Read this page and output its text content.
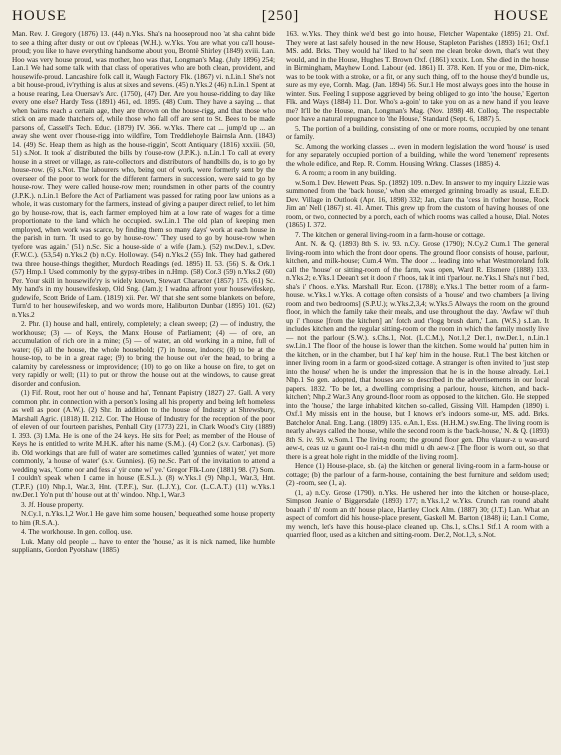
[250]
HOUSE	HOUSE

Man. Rev. J. Gregory (1876) 13. (44) n.Yks. Sha's na hooseproud noo 'at sha cahnt bide to see a thing after dusty or out ov t'pleeas (W.H.). w.Yks. You are what you ca'll house-proud; you like to have everything handsome about you, Brontë Shirley (1849) xviii. Lan. Hoo was very house proud, was mother, hoo was that, Longman's Mag. (July 1896) 254; Lan.1 We had some talk with that class of operatives who are both clean, provident, and housewife-proud. Lancashire folk call it, Waugh Factory Flk. (1867) vi. n.Lin.1 She's not a bit house-proud, iv'rything is alus at sixes and sevens. (45) n.Yks.2 (46) n.Lin.1 Spent at a house rearing, Lea Ouersav's Arc. (1750), (47) Der. Are you house-ridding to day like every one else? Hardy Tess (1891) 461, ed. 1895. (48) Cum. They have a saying ... that when bairns reach a certain age, they are thrown on the house-rigg, and that those who stick on are made thatchers of, while those who fall off are sent to St. Bees to be made parsons of, Cassell's Tech. Educ. (1879) IV. 366. w.Yks. There cat ... jump'd up ... an away she went over t'house-rigg into wildfire, Tom Treddlehoyle Bairnsla Ann. (1843) 14. (49) Sc. Heap them as high as the house-riggin', Scott Antiquary (1816) xxxiii. (50, 51) s.Not. It took a' distributed the bills by t'ouse-row (J.P.K.). n.Lin.1 To call at every house in a street or village, as rate-collectors and distributors of handbills do, is to go by house-row. (6) s.Not. The labourers who, being out of work, were formerly sent by the overseer of the poor to work for the different farmers in succession, were said to go by house-row. They were called house-row men; roundsmen in other parts of the country (J.P.K.). n.Lin.1 Before the Act of Parliament was passed for rating poor law unions as a whole, it was customary for the farmers, instead of giving a pauper direct relief, to let him go by house-row, that is, each farmer employed him at a low rate of wages for a time proportionate to the land which he occupied. sw.Lin.1 The old plan of keeping men employed, when work was scarce, by finding them so many days' work at each house in the parish in turn. 'It used to go by house-row.' 'They used to go by house-row when tyefore was again.' (51) n.Sc. Sic a house-side o' a wife (Jam.). (52) nw.Dev.1, s.Dev. (F.W.C.). (53,54) n.Yks.2 (b) n.Cy. Holloway. (54) n.Yks.2 (55) Ink. They had gathered twa three house-things thegither, Murdoch Readings (ed. 1895) II. 53. (56) S. & Ork.1 (57) Hmp.1 Used commonly by the gypsy-tribes in n.Hmp. (58) Cor.3 (59) n.Yks.2 (60) Per. Your skill in housewife'ry is widely known, Stewart Character (1857) 175. (61) Sc. My hand's in my housewifeskep, Old Sng. (Jam.); I wadna affront your housewifeskep, gudewife, Scott Bride of Lam. (1819) xii. Per. Wi' that she sent some blankets on before, Turn'd to her housewifeskep, and wo words more, Haliburton Dunbar (1895) 101. (62) n.Yks.2

2. Phr. (1) house and hall, entirely, completely; a clean sweep; (2) — of industry, the workhouse; (3) — of Keys, the Manx House of Parliament; (4) — of ore, an accumulation of rich ore in a mine; (5) — of water, an old working in a mine, full of water; (6) all the house, the whole household; (7) in house, indoors; (8) to be at the house-top, to be in a great rage; (9) to bring the house out o'er the head, to bring a calamity by carelessness or improvidence; (10) to go on like a house on fire, to get on very rapidly or well; (11) to put or throw the house out at the windows, to cause great disorder and confusion.

(1) Fif. Rout, root her out o' house and ha', Tennant Papistry (1827) 27. Gall. A very common phr. in connection with a person's losing all his property and being left homeless as well as poor (A.W.). (2) Shr. In addition to the house of Industry at Shrewsbury, Marshall Agric. (1818) II. 212. Cor. The House of Industry for the reception of the poor of eleven of our fourteen parishes, Penhall City (1773) 221, in Clark Wood's City (1889) I. 393. (3) I.Ma. He is one of the 24 keys. He sits for Peel; as member of the House of Keys he is entitled to write M.H.K. after his name (S.M.). (4) Cor.2 (s.v. Carbonas). (5) ib. Old workings that are full of water are sometimes called 'gunnies of water,' yet more commonly, 'a house of water' (s.v. Gunnies). (6) ne.Sc. Part of the invitation to attend a wedding was, 'Come oor and fess a' yir cone wi' ye.' Gregor Flk-Lore (1881) 98. (7) Som. I couldn't speak when I came in house (E.S.L.). (8) w.Yks.1 (9) Nhp.1, War.3, Hnt. (T.P.F.) (10) Nhp.1, War.3, Hnt. (T.P.F.), Sur. (L.J.Y.), Cor. (L.C.A.T.) (11) w.Yks.1 nw.Der.1 Yo'n put th' house out at th' windoo. Nhp.1, War.3

3. Jf. House property.

N.Cy.1, n.Yks.1,2 Wor.1 He gave him some housen,' bequeathed some house property to him (R.S.A.).

4. The workhouse. In gen. colloq. use.

Luk. Many old people ... have to enter the 'house,' as it is nick named, like humble suppliants, Gordon Pyotshaw (1885)

163. w.Yks. They think we'd best go into house, Fletcher Wapentake (1895) 21. Oxf. They were at last safely housed in the new House, Stapleton Parishes (1893) 161; Oxf.1 MS. add. Brks. They would ha' liked to ha' seen me clean broke down, that's wut they would, and in the House, Hughes T. Brown Oxf. (1861) xxxix. Lon. She died in the house in Birmingham, Mayhew Lond. Labour (ed. 1861) II. 378. Ken. If you or me, Dim-nick, was to be took with a stroke, or a fit, or any such thing, off to the house they'd bundle us, sure as my eye, Cornh. Mag. (Jan. 1894) 56. Sur.1 He most always goes into the house in winter. Sus. Feeling I suppose aggrieved by being obliged to go into 'the house,' Egerton Flk. and Ways (1884) 11. Dor. Who's a-goin' to take you on as a new hand if you leave me? It'll be the House, man, Longman's Mag. (Nov. 1898) 48. Colloq. The respectable poor have a natural repugnance to 'the House,' Standard (Sept. 6, 1887) 5.

5. The portion of a building, consisting of one or more rooms, occupied by one tenant or family.

Sc. Among the working classes ... even in modern legislation the word 'house' is used for any separately occupied portion of a building, while the word 'tenement' represents the whole edifice, and Rep. R. Comm. Housing Wrkng. Classes (1885) 4.

6. A room; a room in any building.

w.Som.1 Dev. Hewett Peas. Sp. (1892) 109. n.Dev. In answer to my inquiry Lizzie was summoned from the 'back house,' when she emerged grinning broadly as usual, E.E.D. Dev. Village in Outlook (Apr. 16, 1898) 332; Jan, clare tha 'cess in t'other house, Rock Jim an' Nell (1867) st. 41. Amer. This grew up from the custom of having houses of one room, or two, connected by a porch, each of which rooms was called a house, Dial. Notes (1865) I. 372.

7. The kitchen or general living-room in a farm-house or cottage.

Ant. N. & Q. (1893) 8th S. iv. 93. n.Cy. Grose (1790); N.Cy.2 Cum.1 The general living-room into which the front door opens. The ground floor consists of house, parlour, kitchen, and milk-house; Cum.4 Wm. The door ... leading into what Westmoreland folk call the 'house' or sitting-room of the farm, was open, Ward R. Elsmere (1888) 133. n.Yks.2; e.Yks.1 Deean't set it doon i' t'hoos, tak it inti t'parlour. ne.Yks.1 Sha's nut i' bed, sha's i' t'hoos. e.Yks. Marshall Rur. Econ. (1788); e.Yks.1 The better room of a farm-house. w.Yks.1 w.Yks. A cottage often consists of a 'house' and two chambers [a living room and two bedrooms] (S.P.U.); w.Yks.2,3,4; w.Yks.5 Always the room on the ground floor, in which the family take their meals, and use throughout the day. 'Awfaw wi' thuh up i' t'house [from the kitchen] an' fotch aud t'logg brush darn,' Lan. (W.S.) s.Lan. It includes kitchen and the regular sitting-room or the room in which the family mostly live — not the parlour (S.W.). s.Chs.1, Not. (L.C.M.), Not.1,2 Der.1, nw.Der.1, n.Lin.1 sw.Lin.1 The floor of the house is lower than the kitchen. Some would ha' putten him in the kitchen, or in the chamber, but I ha' kep' him in the house. Rut.1 The best kitchen or inner living room in a farm or good-sized cottage. A stranger is often invited to 'just step into the house' when he is under the impression that he is in the house already. Lei.1 Nhp.1 So gen. adopted, that houses are so described in the advertisements in our local papers. 1832. 'To be let, a dwelling comprising a parlour, house, kitchen, and back-kitchen'; Nhp.2 War.3 Any ground-floor room as opposed to the kitchen. Glo. He stepped into the 'house,' the large inhabited kitchen so-called, Gissing Vill. Hampden (1890) i. Oxf.1 My missis ent in the house, but I knows er's indoors some-ur, MS. add. Brks. Batchelor Anal. Eng. Lang. (1809) 135. e.An.1, Ess. (H.H.M.) sw.Eng. The living room is nearly always called the house, while the second room is the 'back-house,' N. & Q. (1893) 8th S. iv. 93. w.Som.1 The living room; the ground floor gen. Dhu vlauur-z u wau-urd aew-t, ceas uz u gaunt oo-l rai-t-n dhu midl u dh aew-z [The floor is worn out, so that there is a great hole right in the middle of the living room].

Hence (1) House-place, sb. (a) the kitchen or general living-room in a farm-house or cottage; (b) the parlour of a farm-house, containing the best furniture and seldom used; (2) -room, see (1, a).

(1, a) n.Cy. Grose (1790). n.Yks. He ushered her into the kitchen or house-place, Simpson Jeanie o' Biggersdale (1893) 177; n.Yks.1,2 w.Yks. Crunch ran round abaht boaath i' th' room an th' house place, Hartley Clock Alm. (1887) 30; (J.T.) Lan. What an aspect of comfort did his house-place present, Gaskell M. Barton (1848) ii; Lan.1 Come, my wench, let's have this house-place cleaned up. Chs.1, s.Chs.1 Stf.1 A room with a quarried floor, used as a kitchen and sitting-room. Der.2, Not.1,3, s.Not.
